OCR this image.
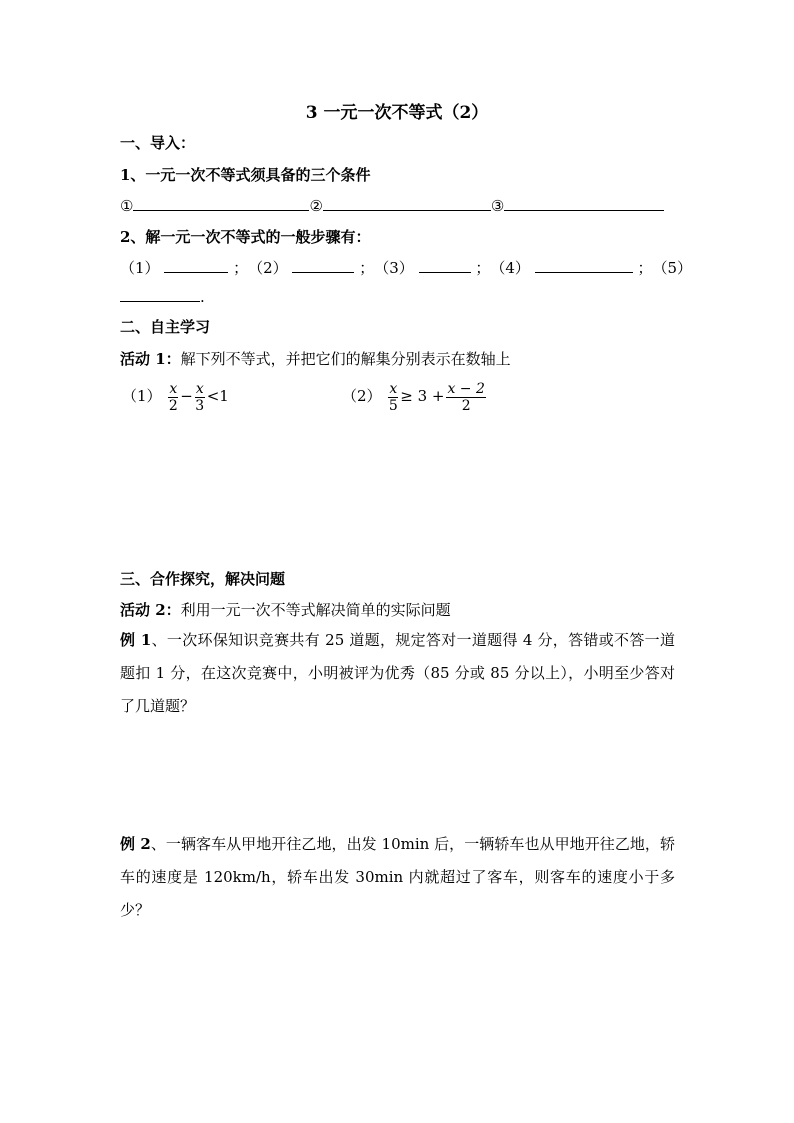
3 一元一次不等式（2）
一、导入：
1、一元一次不等式须具备的三个条件
①	②	③
2、解一元一次不等式的一般步骤有：
（1）	； （2）	； （3）	； （4）	； （5）
.
二、自主学习
活动 1：解下列不等式，并把它们的解集分别表示在数轴上
$(1) \frac{x}{2} - \frac{x}{3} <1$	$(2) \frac{x}{5} \ge 3 + \frac{x - 2}{2}$
三、合作探究，解决问题
活动 2：利用一元一次不等式解决简单的实际问题
例 1、一次环保知识竞赛共有 25 道题，规定答对一道题得 4 分，答错或不答一道题扣 1 分，在这次竞赛中，小明被评为优秀（85 分或 85 分以上），小明至少答对了几道题？
例 2、一辆客车从甲地开往乙地，出发 10min 后，一辆轿车也从甲地开往乙地，轿车的速度是 120km/h，轿车出发 30min 内就超过了客车，则客车的速度小于多少？
